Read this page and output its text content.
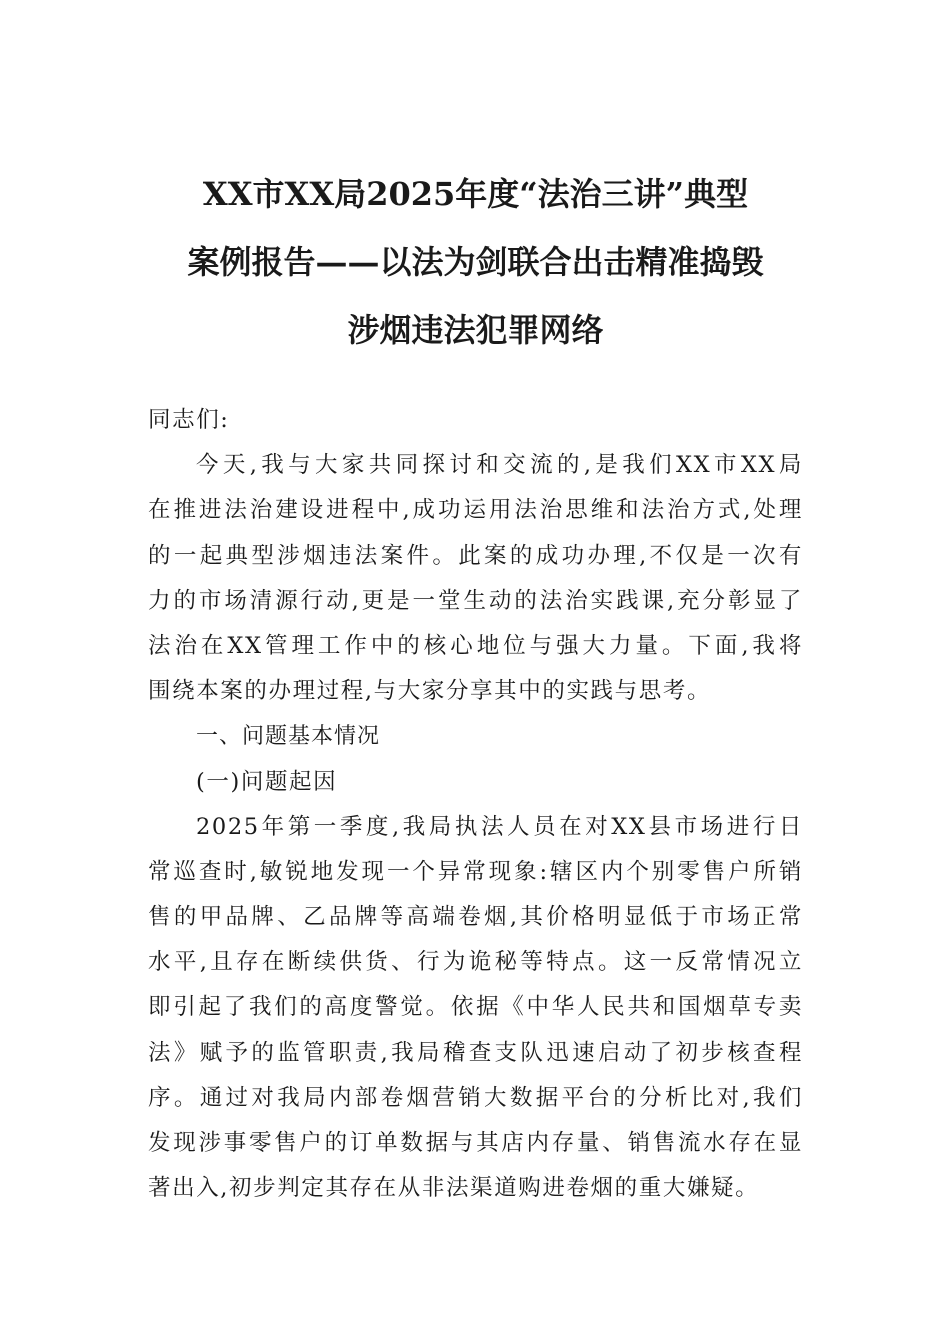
XX市XX局2025年度“法治三讲”典型
案例报告——以法为剑联合出击精准捣毁
涉烟违法犯罪网络
同志们:
今天,我与大家共同探讨和交流的,是我们XX市XX局
在推进法治建设进程中,成功运用法治思维和法治方式,处理
的一起典型涉烟违法案件。此案的成功办理,不仅是一次有
力的市场清源行动,更是一堂生动的法治实践课,充分彰显了
法治在XX管理工作中的核心地位与强大力量。下面,我将
围绕本案的办理过程,与大家分享其中的实践与思考。
一、问题基本情况
(一)问题起因
2025年第一季度,我局执法人员在对XX县市场进行日
常巡查时,敏锐地发现一个异常现象:辖区内个别零售户所销
售的甲品牌、乙品牌等高端卷烟,其价格明显低于市场正常
水平,且存在断续供货、行为诡秘等特点。这一反常情况立
即引起了我们的高度警觉。依据《中华人民共和国烟草专卖
法》赋予的监管职责,我局稽查支队迅速启动了初步核查程
序。通过对我局内部卷烟营销大数据平台的分析比对,我们
发现涉事零售户的订单数据与其店内存量、销售流水存在显
著出入,初步判定其存在从非法渠道购进卷烟的重大嫌疑。
